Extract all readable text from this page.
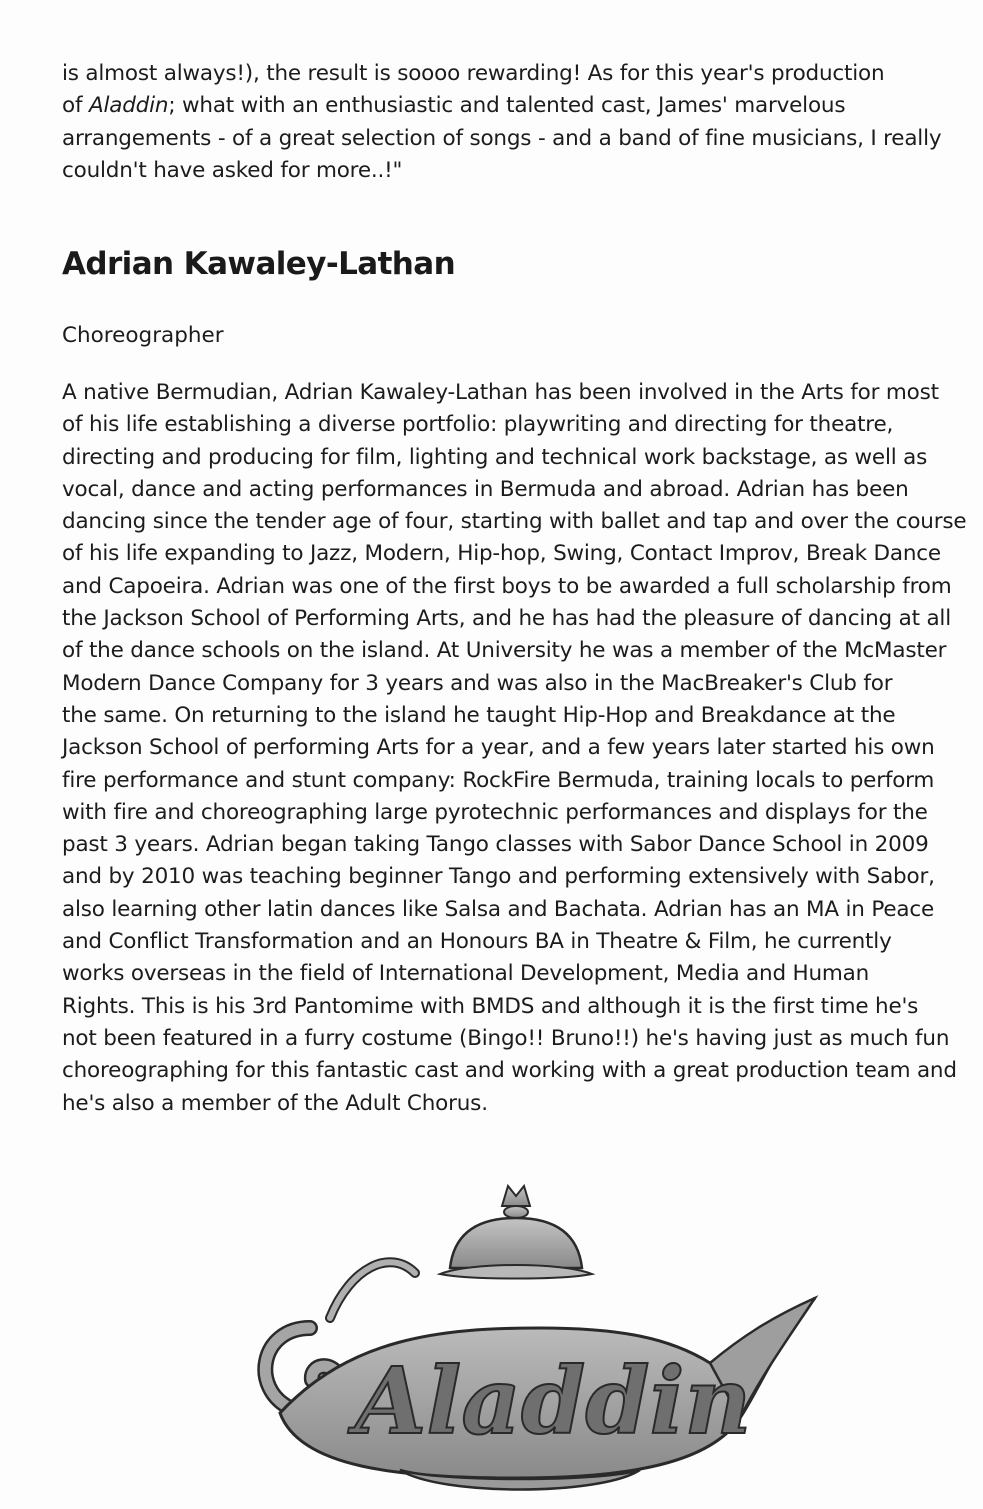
is almost always!), the result is soooo rewarding! As for this year's production
of Aladdin; what with an enthusiastic and talented cast, James' marvelous
arrangements - of a great selection of songs - and a band of fine musicians, I really
couldn't have asked for more..!"
Adrian Kawaley-Lathan
Choreographer
A native Bermudian, Adrian Kawaley-Lathan has been involved in the Arts for most
of his life establishing a diverse portfolio: playwriting and directing for theatre,
directing and producing for film, lighting and technical work backstage, as well as
vocal, dance and acting performances in Bermuda and abroad. Adrian has been
dancing since the tender age of four, starting with ballet and tap and over the course
of his life expanding to Jazz, Modern, Hip-hop, Swing, Contact Improv, Break Dance
and Capoeira. Adrian was one of the first boys to be awarded a full scholarship from
the Jackson School of Performing Arts, and he has had the pleasure of dancing at all
of the dance schools on the island. At University he was a member of the McMaster
Modern Dance Company for 3 years and was also in the MacBreaker's Club for
the same. On returning to the island he taught Hip-Hop and Breakdance at the
Jackson School of performing Arts for a year, and a few years later started his own
fire performance and stunt company: RockFire Bermuda, training locals to perform
with fire and choreographing large pyrotechnic performances and displays for the
past 3 years. Adrian began taking Tango classes with Sabor Dance School in 2009
and by 2010 was teaching beginner Tango and performing extensively with Sabor,
also learning other latin dances like Salsa and Bachata. Adrian has an MA in Peace
and Conflict Transformation and an Honours BA in Theatre & Film, he currently
works overseas in the field of International Development, Media and Human
Rights. This is his 3rd Pantomime with BMDS and although it is the first time he's
not been featured in a furry costume (Bingo!! Bruno!!) he's having just as much fun
choreographing for this fantastic cast and working with a great production team and
he's also a member of the Adult Chorus.
Aladdin
